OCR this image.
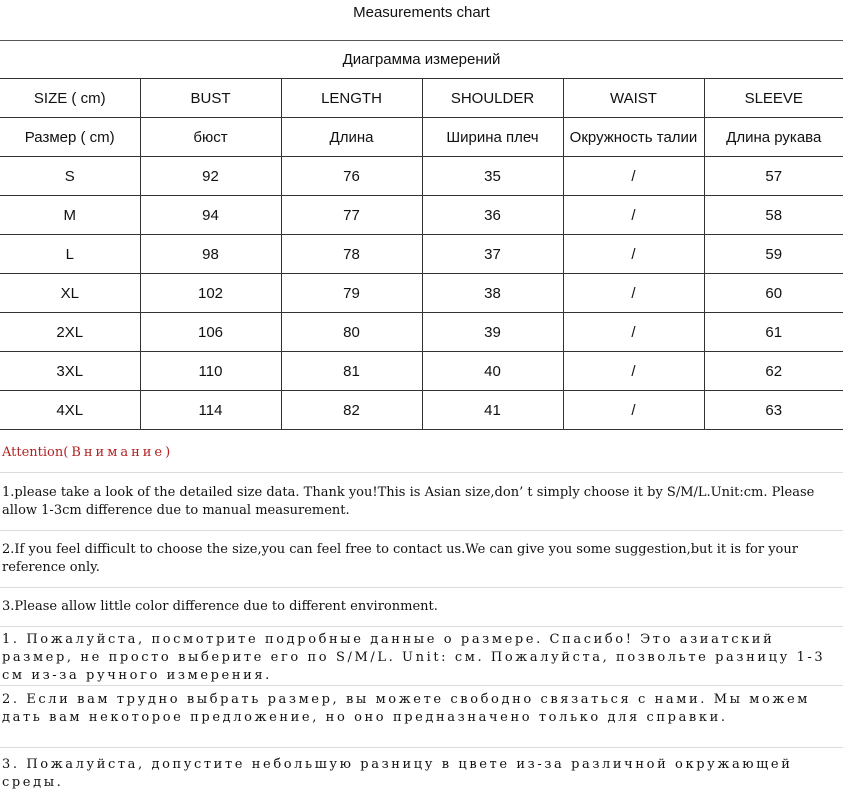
Measurements chart
Диаграмма измерений
SIZE ( cm)	BUST	LENGTH	SHOULDER	WAIST	SLEEVE
Размер ( cm)	бюст	Длина	Ширина плеч	Окружность талии	Длина рукава
S	92	76	35	/	57
M	94	77	36	/	58
L	98	78	37	/	59
XL	102	79	38	/	60
2XL	106	80	39	/	61
3XL	110	81	40	/	62
4XL	114	82	41	/	63
Attention(Внимание)
1.please take a look of the detailed size data. Thank you!This is Asian size,don’ t simply choose it by S/M/L.Unit:cm. Please allow 1-3cm difference due to manual measurement.
2.If you feel difficult to choose the size,you can feel free to contact us.We can give you some suggestion,but it is for your reference only.
3.Please allow little color difference due to different environment.
1. Пожалуйста, посмотрите подробные данные о размере. Спасибо! Это азиатский размер, не просто выберите его по S/M/L. Unit: см. Пожалуйста, позвольте разницу 1-3 см из-за ручного измерения.
2. Если вам трудно выбрать размер, вы можете свободно связаться с нами. Мы можем дать вам некоторое предложение, но оно предназначено только для справки.
3. Пожалуйста, допустите небольшую разницу в цвете из-за различной окружающей среды.
